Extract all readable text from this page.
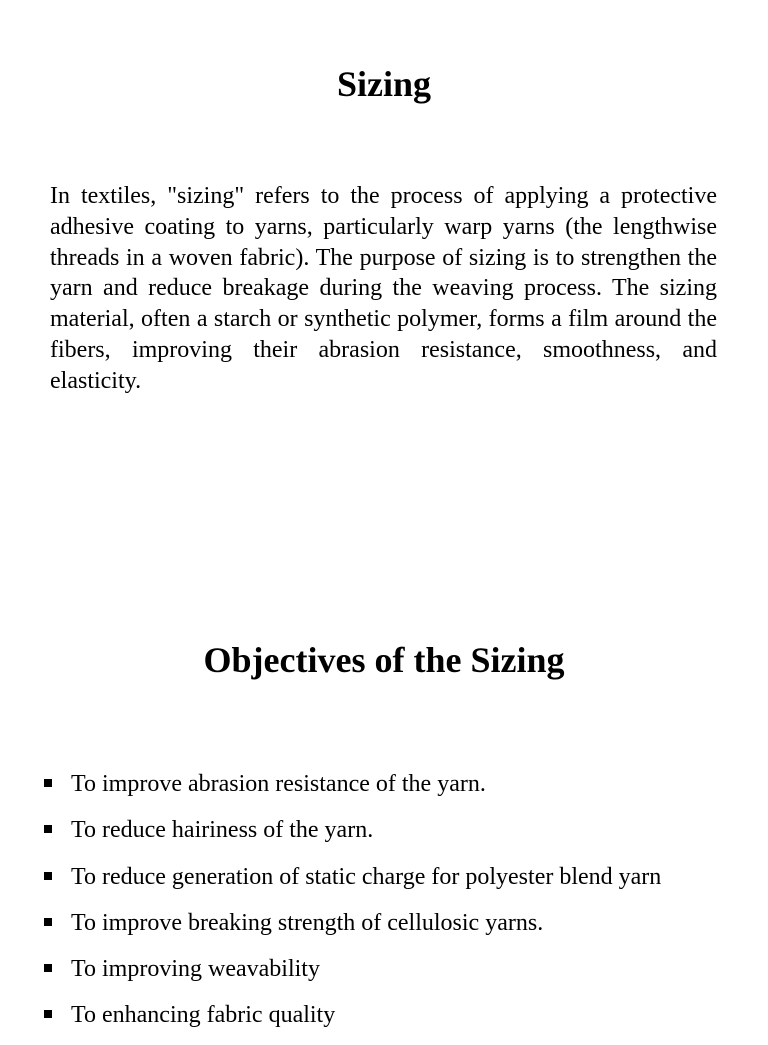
Sizing

In textiles, "sizing" refers to the process of applying a protective adhesive coating to yarns, particularly warp yarns (the lengthwise threads in a woven fabric). The purpose of sizing is to strengthen the yarn and reduce breakage during the weaving process. The sizing material, often a starch or synthetic polymer, forms a film around the fibers, improving their abrasion resistance, smoothness, and elasticity.

Objectives of the Sizing
To improve abrasion resistance of the yarn.
To reduce hairiness of the yarn.
To reduce generation of static charge for polyester blend yarn
To improve breaking strength of cellulosic yarns.
To improving weavability
To enhancing fabric quality
